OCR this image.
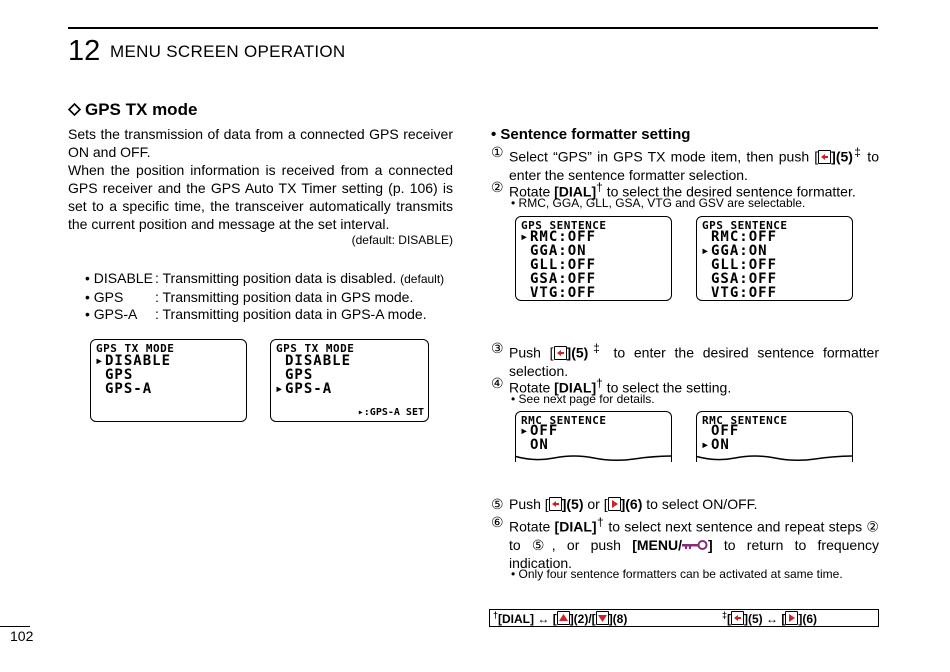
12 MENU SCREEN OPERATION
GPS TX mode
Sets the transmission of data from a connected GPS receiver ON and OFF.
When the position information is received from a connected GPS receiver and the GPS Auto TX Timer setting (p. 106) is set to a specific time, the transceiver automatically transmits the current position and message at the set interval.
(default: DISABLE)
• DISABLE : Transmitting position data is disabled. (default)
• GPS : Transmitting position data in GPS mode.
• GPS-A : Transmitting position data in GPS-A mode.
GPS TX MODE
▸DISABLE
GPS
GPS-A
GPS TX MODE
DISABLE
GPS
▸GPS-A
▸:GPS-A SET
• Sentence formatter setting
① Select “GPS” in GPS TX mode item, then push [ ](5)‡ to enter the sentence formatter selection.
② Rotate [DIAL]† to select the desired sentence formatter.
• RMC, GGA, GLL, GSA, VTG and GSV are selectable.
GPS SENTENCE
▸RMC:OFF
GGA:ON
GLL:OFF
GSA:OFF
VTG:OFF
GPS SENTENCE
RMC:OFF
▸GGA:ON
GLL:OFF
GSA:OFF
VTG:OFF
③ Push [ ](5)‡ to enter the desired sentence formatter selection.
④ Rotate [DIAL]† to select the setting.
• See next page for details.
RMC SENTENCE
▸OFF
ON
RMC SENTENCE
OFF
▸ON
⑤ Push [ ](5) or [ ](6) to select ON/OFF.
⑥ Rotate [DIAL]† to select next sentence and repeat steps ② to ⑤, or push [MENU/ ] to return to frequency indication.
• Only four sentence formatters can be activated at same time.
†[DIAL] ↔ [ ](2)/[ ](8)	‡[ ](5) ↔ [ ](6)
102
